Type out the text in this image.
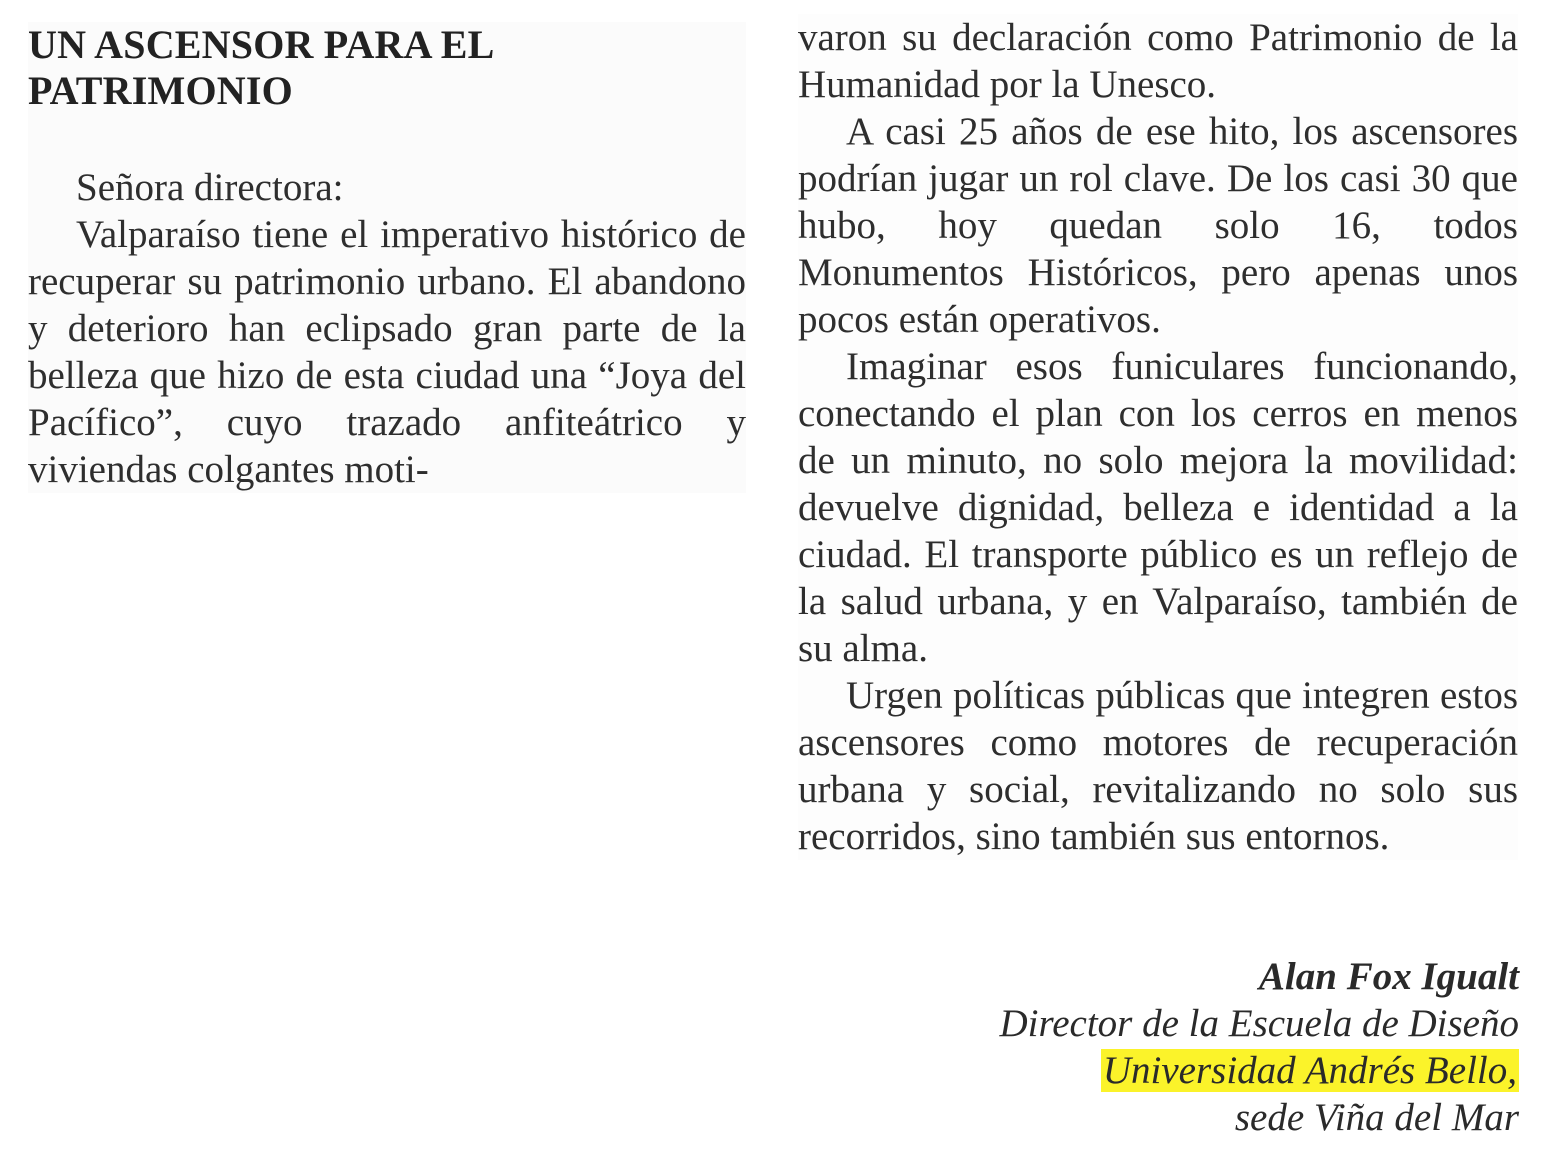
UN ASCENSOR PARA EL
PATRIMONIO

Señora directora:

Valparaíso tiene el imperativo histórico de recuperar su patrimonio urbano. El abandono y deterioro han eclipsado gran parte de la belleza que hizo de esta ciudad una “Joya del Pacífico”, cuyo trazado anfiteátrico y viviendas colgantes moti-

varon su declaración como Patrimonio de la Humanidad por la Unesco.

A casi 25 años de ese hito, los ascensores podrían jugar un rol clave. De los casi 30 que hubo, hoy quedan solo 16, todos Monumentos Históricos, pero apenas unos pocos están operativos.

Imaginar esos funiculares funcionando, conectando el plan con los cerros en menos de un minuto, no solo mejora la movilidad: devuelve dignidad, belleza e identidad a la ciudad. El transporte público es un reflejo de la salud urbana, y en Valparaíso, también de su alma.

Urgen políticas públicas que integren estos ascensores como motores de recuperación urbana y social, revitalizando no solo sus recorridos, sino también sus entornos.

Alan Fox Igualt
Director de la Escuela de Diseño
Universidad Andrés Bello,
sede Viña del Mar
